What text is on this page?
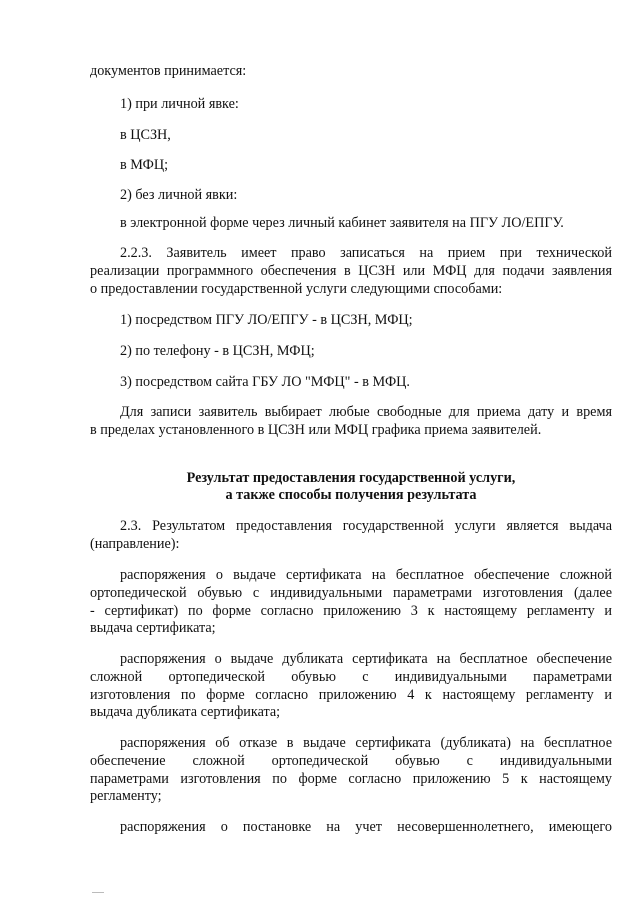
документов принимается:
1) при личной явке:
в ЦСЗН,
в МФЦ;
2) без личной явки:
в электронной форме через личный кабинет заявителя на ПГУ ЛО/ЕПГУ.
2.2.3. Заявитель имеет право записаться на прием при технической
реализации программного обеспечения в ЦСЗН или МФЦ для подачи заявления
о предоставлении государственной услуги следующими способами:
1) посредством ПГУ ЛО/ЕПГУ - в ЦСЗН, МФЦ;
2) по телефону - в ЦСЗН, МФЦ;
3) посредством сайта ГБУ ЛО "МФЦ" - в МФЦ.
Для записи заявитель выбирает любые свободные для приема дату и время
в пределах установленного в ЦСЗН или МФЦ графика приема заявителей.
Результат предоставления государственной услуги,
а также способы получения результата
2.3. Результатом предоставления государственной услуги является выдача
(направление):
распоряжения о выдаче сертификата на бесплатное обеспечение сложной
ортопедической обувью с индивидуальными параметрами изготовления (далее
- сертификат) по форме согласно приложению 3 к настоящему регламенту и
выдача сертификата;
распоряжения о выдаче дубликата сертификата на бесплатное обеспечение
сложной ортопедической обувью с индивидуальными параметрами
изготовления по форме согласно приложению 4 к настоящему регламенту и
выдача дубликата сертификата;
распоряжения об отказе в выдаче сертификата (дубликата) на бесплатное
обеспечение сложной ортопедической обувью с индивидуальными
параметрами изготовления по форме согласно приложению 5 к настоящему
регламенту;
распоряжения о постановке на учет несовершеннолетнего, имеющего
